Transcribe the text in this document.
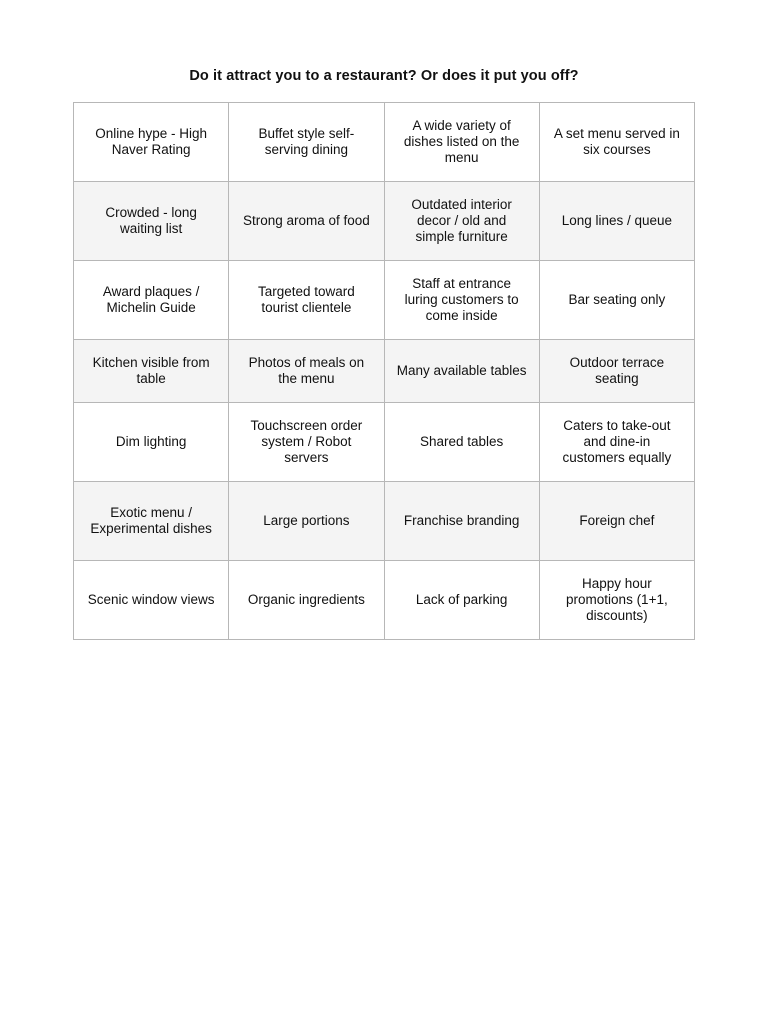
Do it attract you to a restaurant? Or does it put you off?
Online hype - High Naver Rating	Buffet style self-serving dining	A wide variety of dishes listed on the menu	A set menu served in six courses
Crowded - long waiting list	Strong aroma of food	Outdated interior decor / old and simple furniture	Long lines / queue
Award plaques / Michelin Guide	Targeted toward tourist clientele	Staff at entrance luring customers to come inside	Bar seating only
Kitchen visible from table	Photos of meals on the menu	Many available tables	Outdoor terrace seating
Dim lighting	Touchscreen order system / Robot servers	Shared tables	Caters to take-out and dine-in customers equally
Exotic menu / Experimental dishes	Large portions	Franchise branding	Foreign chef
Scenic window views	Organic ingredients	Lack of parking	Happy hour promotions (1+1, discounts)
